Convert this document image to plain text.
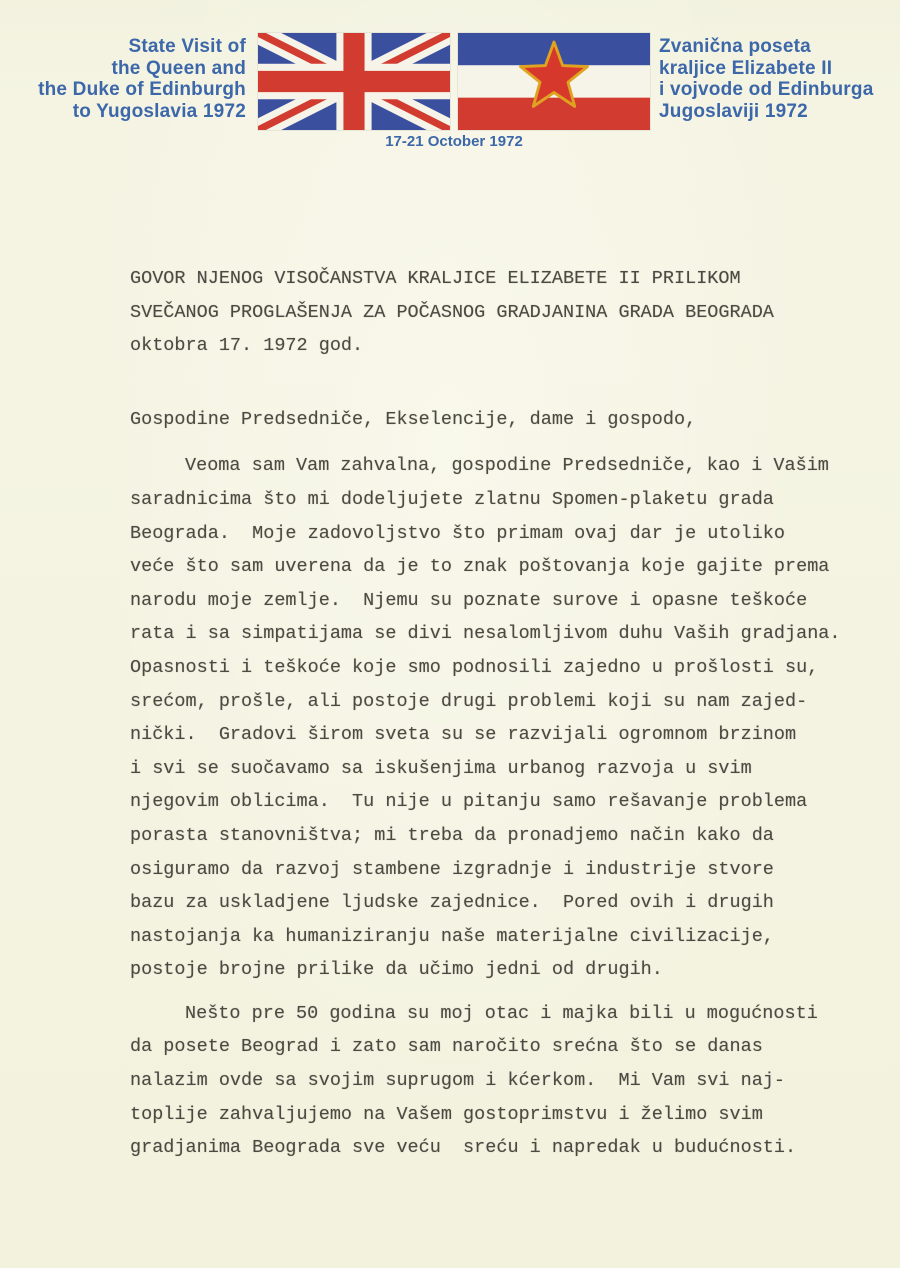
State Visit of
the Queen and
the Duke of Edinburgh
to Yugoslavia 1972
17-21 October 1972
Zvanična poseta
kraljice Elizabete II
i vojvode od Edinburga
Jugoslaviji 1972
GOVOR NJENOG VISOČANSTVA KRALJICE ELIZABETE II PRILIKOM
SVEČANOG PROGLAŠENJA ZA POČASNOG GRADJANINA GRADA BEOGRADA
oktobra 17. 1972 god.
Gospodine Predsedniče, Ekselencije, dame i gospodo,
Veoma sam Vam zahvalna, gospodine Predsedniče, kao i Vašim
saradnicima što mi dodeljujete zlatnu Spomen-plaketu grada
Beograda.  Moje zadovoljstvo što primam ovaj dar je utoliko
veće što sam uverena da je to znak poštovanja koje gajite prema
narodu moje zemlje.  Njemu su poznate surove i opasne teškoće
rata i sa simpatijama se divi nesalomljivom duhu Vaših gradjana.
Opasnosti i teškoće koje smo podnosili zajedno u prošlosti su,
srećom, prošle, ali postoje drugi problemi koji su nam zajed-
nički.  Gradovi širom sveta su se razvijali ogromnom brzinom
i svi se suočavamo sa iskušenjima urbanog razvoja u svim
njegovim oblicima.  Tu nije u pitanju samo rešavanje problema
porasta stanovništva; mi treba da pronadjemo način kako da
osiguramo da razvoj stambene izgradnje i industrije stvore
bazu za uskladjene ljudske zajednice.  Pored ovih i drugih
nastojanja ka humaniziranju naše materijalne civilizacije,
postoje brojne prilike da učimo jedni od drugih.
Nešto pre 50 godina su moj otac i majka bili u mogućnosti
da posete Beograd i zato sam naročito srećna što se danas
nalazim ovde sa svojim suprugom i kćerkom.  Mi Vam svi naj-
toplije zahvaljujemo na Vašem gostoprimstvu i želimo svim
gradjanima Beograda sve veću  sreću i napredak u budućnosti.
